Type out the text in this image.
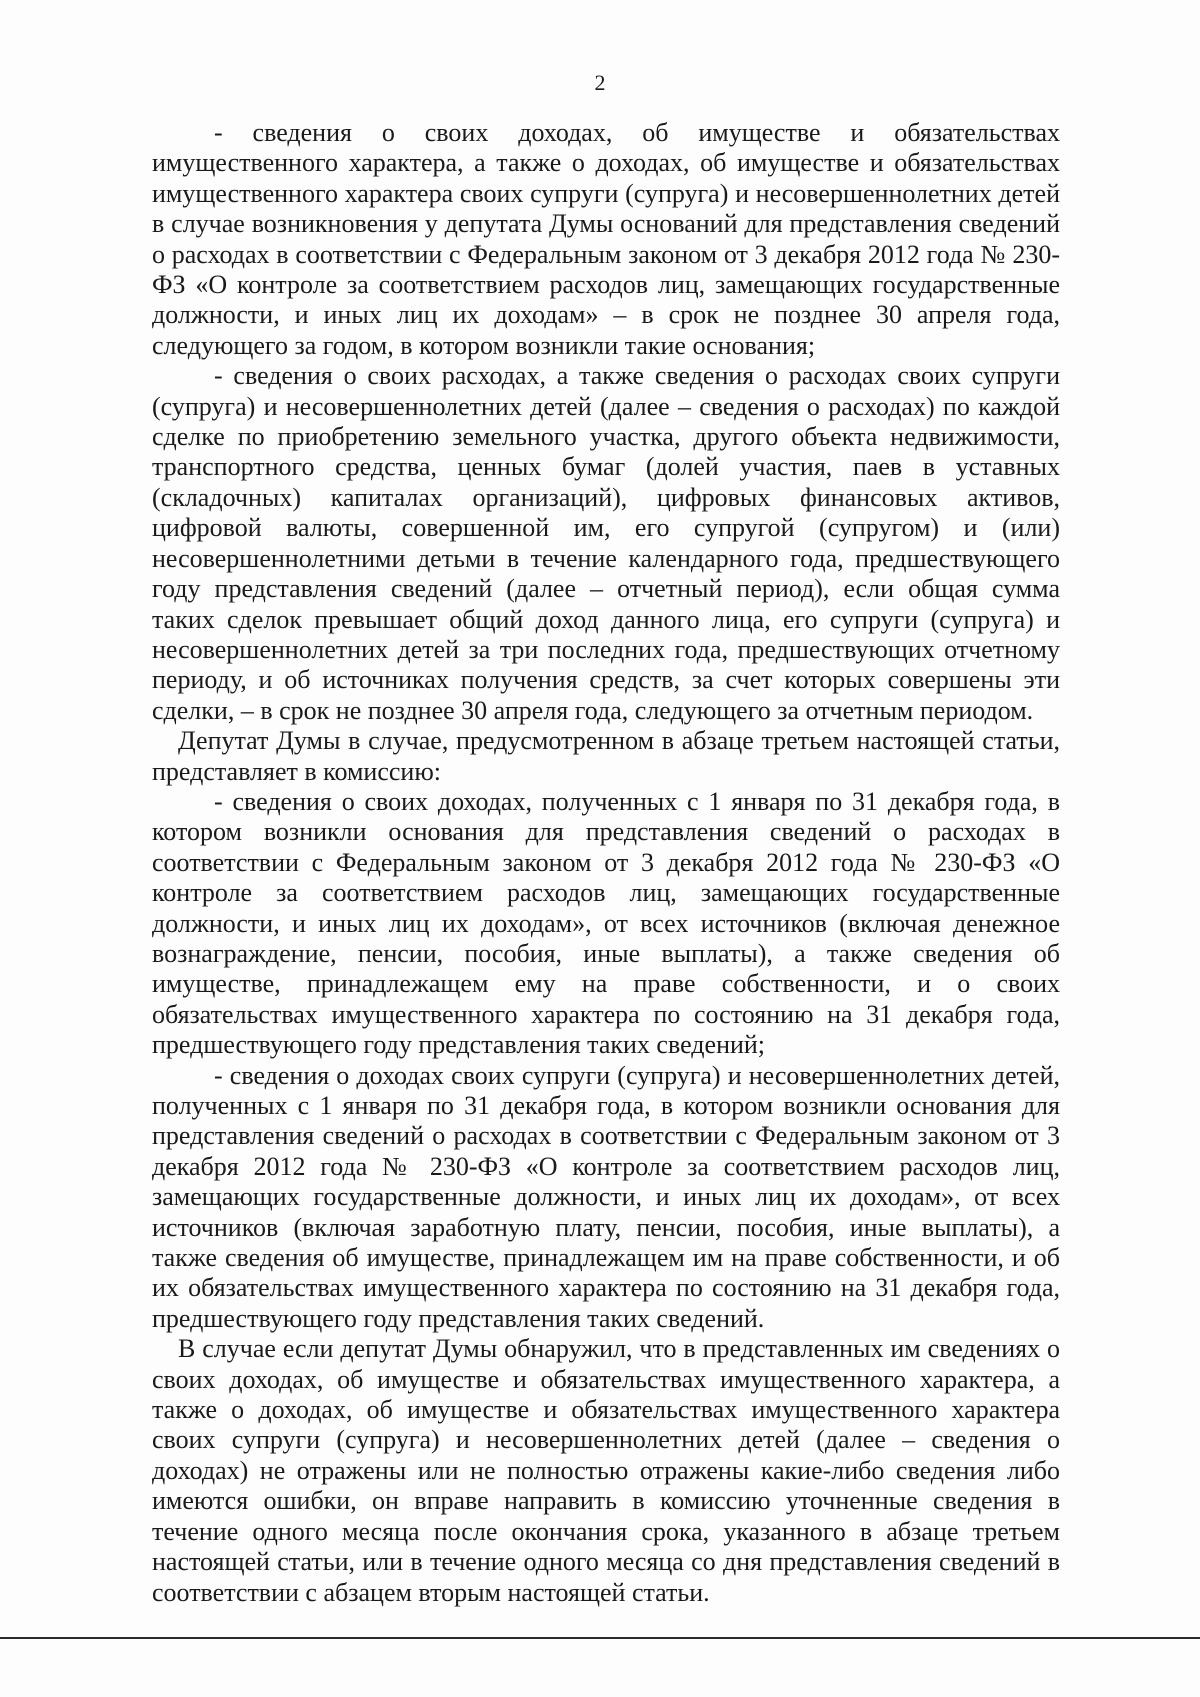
2

- сведения о своих доходах, об имуществе и обязательствах имущественного характера, а также о доходах, об имуществе и обязательствах имущественного характера своих супруги (супруга) и несовершеннолетних детей в случае возникновения у депутата Думы оснований для представления сведений о расходах в соответствии с Федеральным законом от 3 декабря 2012 года № 230-ФЗ «О контроле за соответствием расходов лиц, замещающих государственные должности, и иных лиц их доходам» – в срок не позднее 30 апреля года, следующего за годом, в котором возникли такие основания;

- сведения о своих расходах, а также сведения о расходах своих супруги (супруга) и несовершеннолетних детей (далее – сведения о расходах) по каждой сделке по приобретению земельного участка, другого объекта недвижимости, транспортного средства, ценных бумаг (долей участия, паев в уставных (складочных) капиталах организаций), цифровых финансовых активов, цифровой валюты, совершенной им, его супругой (супругом) и (или) несовершеннолетними детьми в течение календарного года, предшествующего году представления сведений (далее – отчетный период), если общая сумма таких сделок превышает общий доход данного лица, его супруги (супруга) и несовершеннолетних детей за три последних года, предшествующих отчетному периоду, и об источниках получения средств, за счет которых совершены эти сделки, – в срок не позднее 30 апреля года, следующего за отчетным периодом.

Депутат Думы в случае, предусмотренном в абзаце третьем настоящей статьи, представляет в комиссию:

- сведения о своих доходах, полученных с 1 января по 31 декабря года, в котором возникли основания для представления сведений о расходах в соответствии с Федеральным законом от 3 декабря 2012 года № 230-ФЗ «О контроле за соответствием расходов лиц, замещающих государственные должности, и иных лиц их доходам», от всех источников (включая денежное вознаграждение, пенсии, пособия, иные выплаты), а также сведения об имуществе, принадлежащем ему на праве собственности, и о своих обязательствах имущественного характера по состоянию на 31 декабря года, предшествующего году представления таких сведений;

- сведения о доходах своих супруги (супруга) и несовершеннолетних детей, полученных с 1 января по 31 декабря года, в котором возникли основания для представления сведений о расходах в соответствии с Федеральным законом от 3 декабря 2012 года № 230-ФЗ «О контроле за соответствием расходов лиц, замещающих государственные должности, и иных лиц их доходам», от всех источников (включая заработную плату, пенсии, пособия, иные выплаты), а также сведения об имуществе, принадлежащем им на праве собственности, и об их обязательствах имущественного характера по состоянию на 31 декабря года, предшествующего году представления таких сведений.

В случае если депутат Думы обнаружил, что в представленных им сведениях о своих доходах, об имуществе и обязательствах имущественного характера, а также о доходах, об имуществе и обязательствах имущественного характера своих супруги (супруга) и несовершеннолетних детей (далее – сведения о доходах) не отражены или не полностью отражены какие-либо сведения либо имеются ошибки, он вправе направить в комиссию уточненные сведения в течение одного месяца после окончания срока, указанного в абзаце третьем настоящей статьи, или в течение одного месяца со дня представления сведений в соответствии с абзацем вторым настоящей статьи.
